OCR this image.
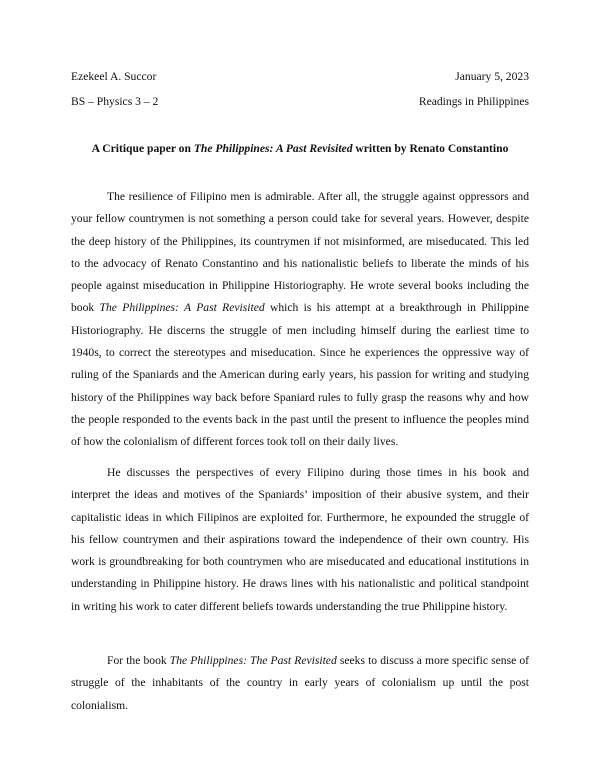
Ezekeel A. Succor	January 5, 2023
BS – Physics 3 – 2	Readings in Philippines
A Critique paper on The Philippines: A Past Revisited written by Renato Constantino

The resilience of Filipino men is admirable. After all, the struggle against oppressors and your fellow countrymen is not something a person could take for several years. However, despite the deep history of the Philippines, its countrymen if not misinformed, are miseducated. This led to the advocacy of Renato Constantino and his nationalistic beliefs to liberate the minds of his people against miseducation in Philippine Historiography. He wrote several books including the book The Philippines: A Past Revisited which is his attempt at a breakthrough in Philippine Historiography. He discerns the struggle of men including himself during the earliest time to 1940s, to correct the stereotypes and miseducation. Since he experiences the oppressive way of ruling of the Spaniards and the American during early years, his passion for writing and studying history of the Philippines way back before Spaniard rules to fully grasp the reasons why and how the people responded to the events back in the past until the present to influence the peoples mind of how the colonialism of different forces took toll on their daily lives.

He discusses the perspectives of every Filipino during those times in his book and interpret the ideas and motives of the Spaniards’ imposition of their abusive system, and their capitalistic ideas in which Filipinos are exploited for. Furthermore, he expounded the struggle of his fellow countrymen and their aspirations toward the independence of their own country. His work is groundbreaking for both countrymen who are miseducated and educational institutions in understanding in Philippine history. He draws lines with his nationalistic and political standpoint in writing his work to cater different beliefs towards understanding the true Philippine history.

For the book The Philippines: The Past Revisited seeks to discuss a more specific sense of struggle of the inhabitants of the country in early years of colonialism up until the post colonialism.
